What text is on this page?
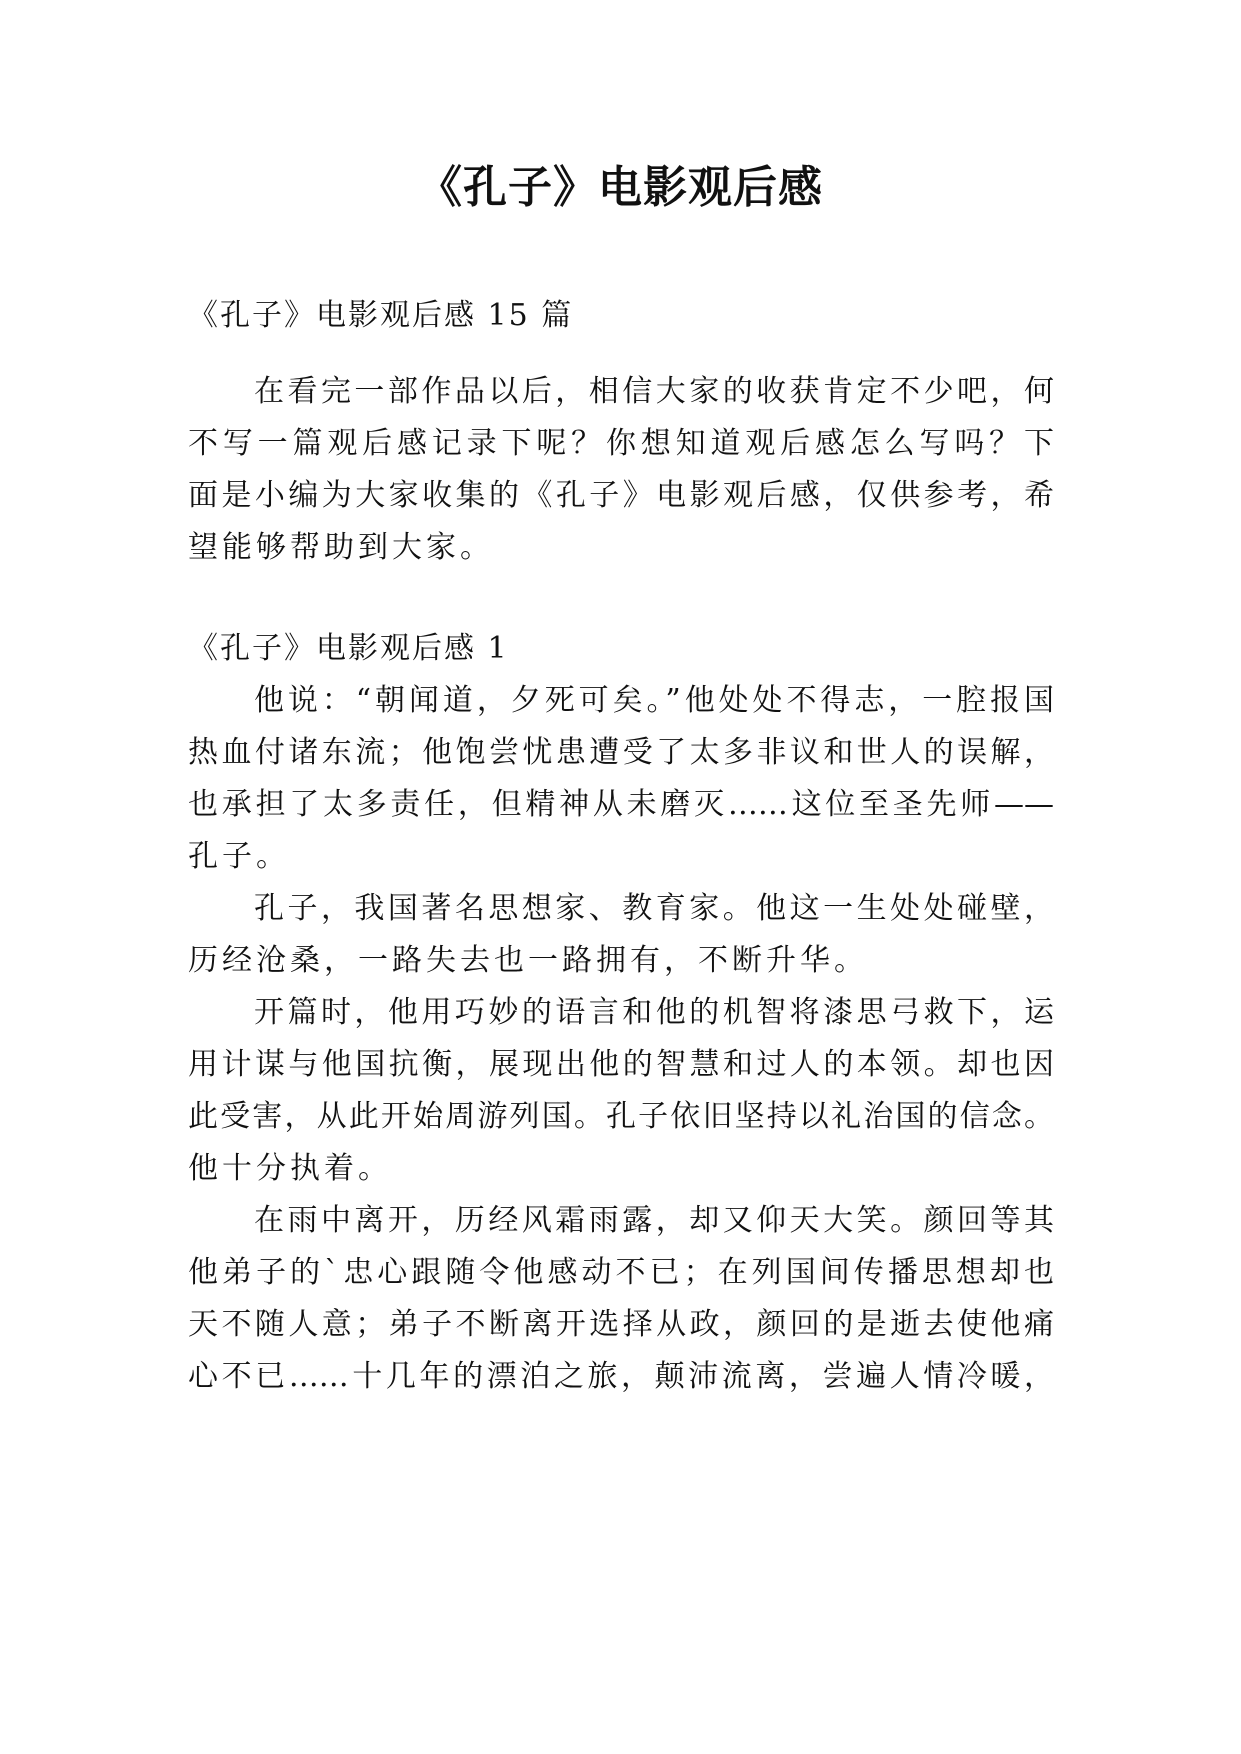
《孔子》电影观后感
《孔子》电影观后感 15 篇
在看完一部作品以后，相信大家的收获肯定不少吧，何
不写一篇观后感记录下呢？你想知道观后感怎么写吗？下
面是小编为大家收集的《孔子》电影观后感，仅供参考，希
望能够帮助到大家。
《孔子》电影观后感 1
他说：“朝闻道，夕死可矣。”他处处不得志，一腔报国
热血付诸东流；他饱尝忧患遭受了太多非议和世人的误解，
也承担了太多责任，但精神从未磨灭……这位至圣先师——
孔子。
孔子，我国著名思想家、教育家。他这一生处处碰壁，
历经沧桑，一路失去也一路拥有，不断升华。
开篇时，他用巧妙的语言和他的机智将漆思弓救下，运
用计谋与他国抗衡，展现出他的智慧和过人的本领。却也因
此受害，从此开始周游列国。孔子依旧坚持以礼治国的信念。
他十分执着。
在雨中离开，历经风霜雨露，却又仰天大笑。颜回等其
他弟子的`忠心跟随令他感动不已；在列国间传播思想却也
天不随人意；弟子不断离开选择从政，颜回的是逝去使他痛
心不已……十几年的漂泊之旅，颠沛流离，尝遍人情冷暖，
